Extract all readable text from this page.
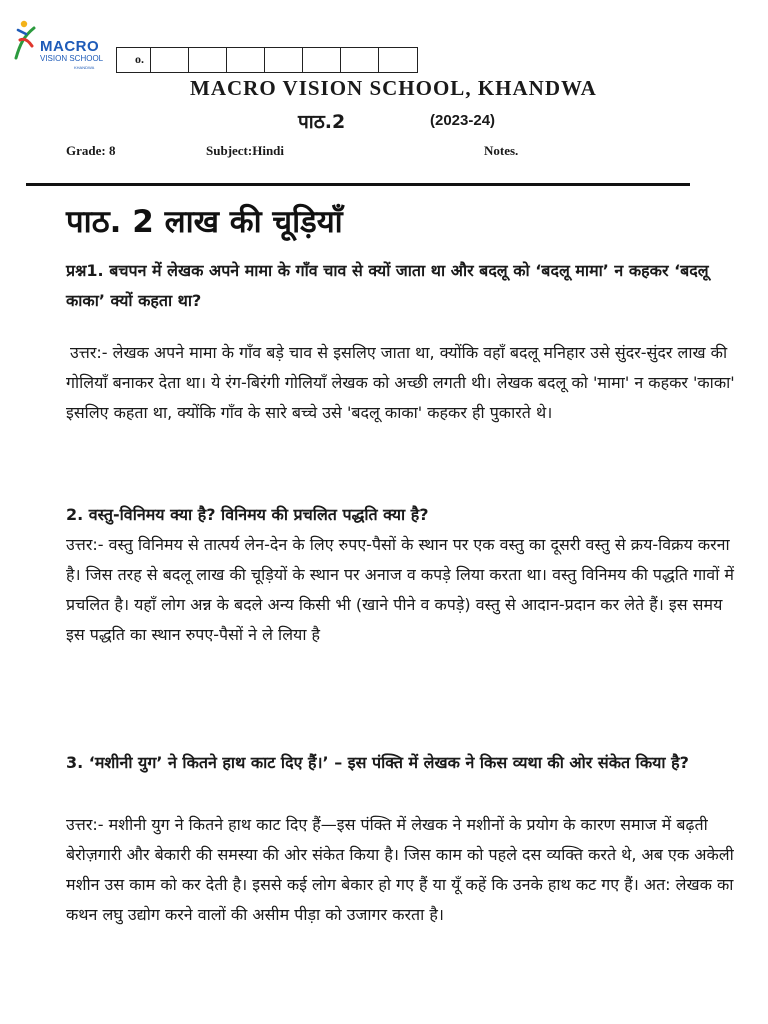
MACRO
VISION SCHOOL
KHANDWA
o.
MACRO VISION SCHOOL, KHANDWA
पाठ.2	(2023-24)
Grade: 8	Subject:Hindi	Notes.
पाठ. 2 लाख की चूड़ियाँ
प्रश्न1. बचपन में लेखक अपने मामा के गाँव चाव से क्यों जाता था और बदलू को ‘बदलू मामा’ न कहकर ‘बदलू काका’ क्यों कहता था?
उत्तर:- लेखक अपने मामा के गाँव बड़े चाव से इसलिए जाता था, क्योंकि वहाँ बदलू मनिहार उसे सुंदर-सुंदर लाख की गोलियाँ बनाकर देता था। ये रंग-बिरंगी गोलियाँ लेखक को अच्छी लगती थी। लेखक बदलू को 'मामा' न कहकर 'काका' इसलिए कहता था, क्योंकि गाँव के सारे बच्चे उसे 'बदलू काका' कहकर ही पुकारते थे।
2. वस्तु-विनिमय क्या है? विनिमय की प्रचलित पद्धति क्या है?
उत्तर:- वस्तु विनिमय से तात्पर्य लेन-देन के लिए रुपए-पैसों के स्थान पर एक वस्तु का दूसरी वस्तु से क्रय-विक्रय करना है। जिस तरह से बदलू लाख की चूड़ियों के स्थान पर अनाज व कपड़े लिया करता था। वस्तु विनिमय की पद्धति गावों में प्रचलित है। यहाँ लोग अन्न के बदले अन्य किसी भी (खाने पीने व कपड़े) वस्तु से आदान-प्रदान कर लेते हैं। इस समय इस पद्धति का स्थान रुपए-पैसों ने ले लिया है
3. ‘मशीनी युग’ ने कितने हाथ काट दिए हैं।’ – इस पंक्ति में लेखक ने किस व्यथा की ओर संकेत किया है?
उत्तर:- मशीनी युग ने कितने हाथ काट दिए हैं—इस पंक्ति में लेखक ने मशीनों के प्रयोग के कारण समाज में बढ़ती बेरोज़गारी और बेकारी की समस्या की ओर संकेत किया है। जिस काम को पहले दस व्यक्ति करते थे, अब एक अकेली मशीन उस काम को कर देती है। इससे कई लोग बेकार हो गए हैं या यूँ कहें कि उनके हाथ कट गए हैं। अत: लेखक का कथन लघु उद्योग करने वालों की असीम पीड़ा को उजागर करता है।
